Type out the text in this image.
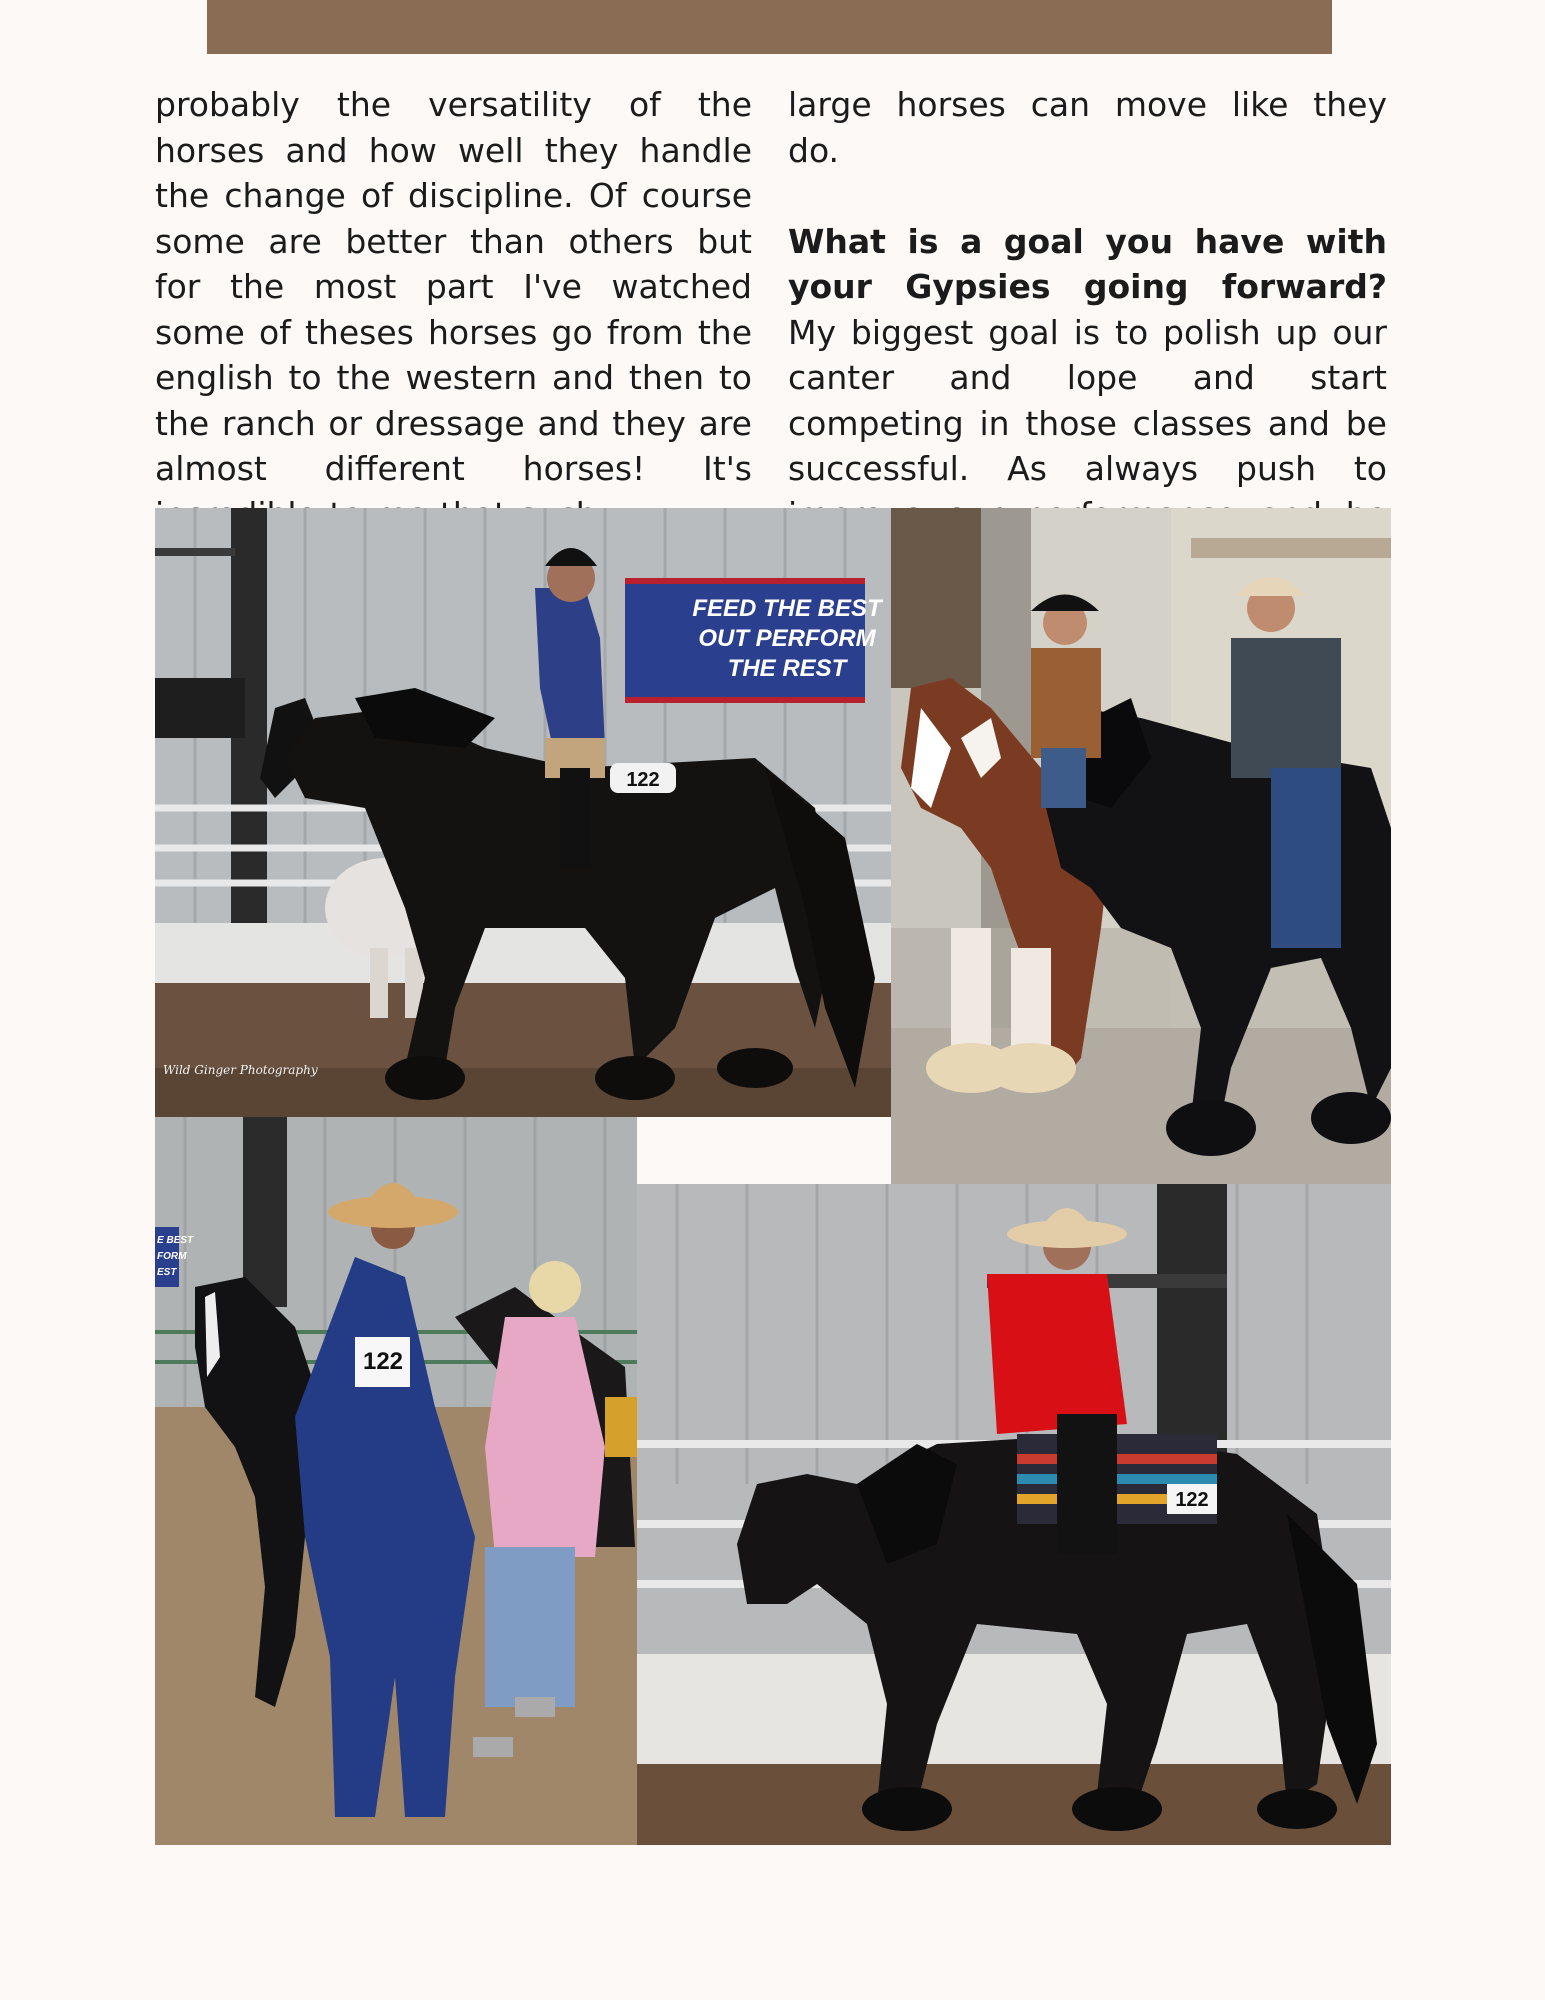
probably the versatility of the horses and how well they handle the change of discipline. Of course some are better than others but for the most part I've watched some of theses horses go from the english to the western and then to the ranch or dressage and they are almost different horses! It's

large horses can move like they do.

What is a goal you have with your Gypsies going forward? My biggest goal is to polish up our canter and lope and start competing in those classes and be successful. As always push to

FEED THE BEST
OUT PERFORM
THE REST
122
Wild Ginger Photography
E BEST
FORM
EST
122
122
